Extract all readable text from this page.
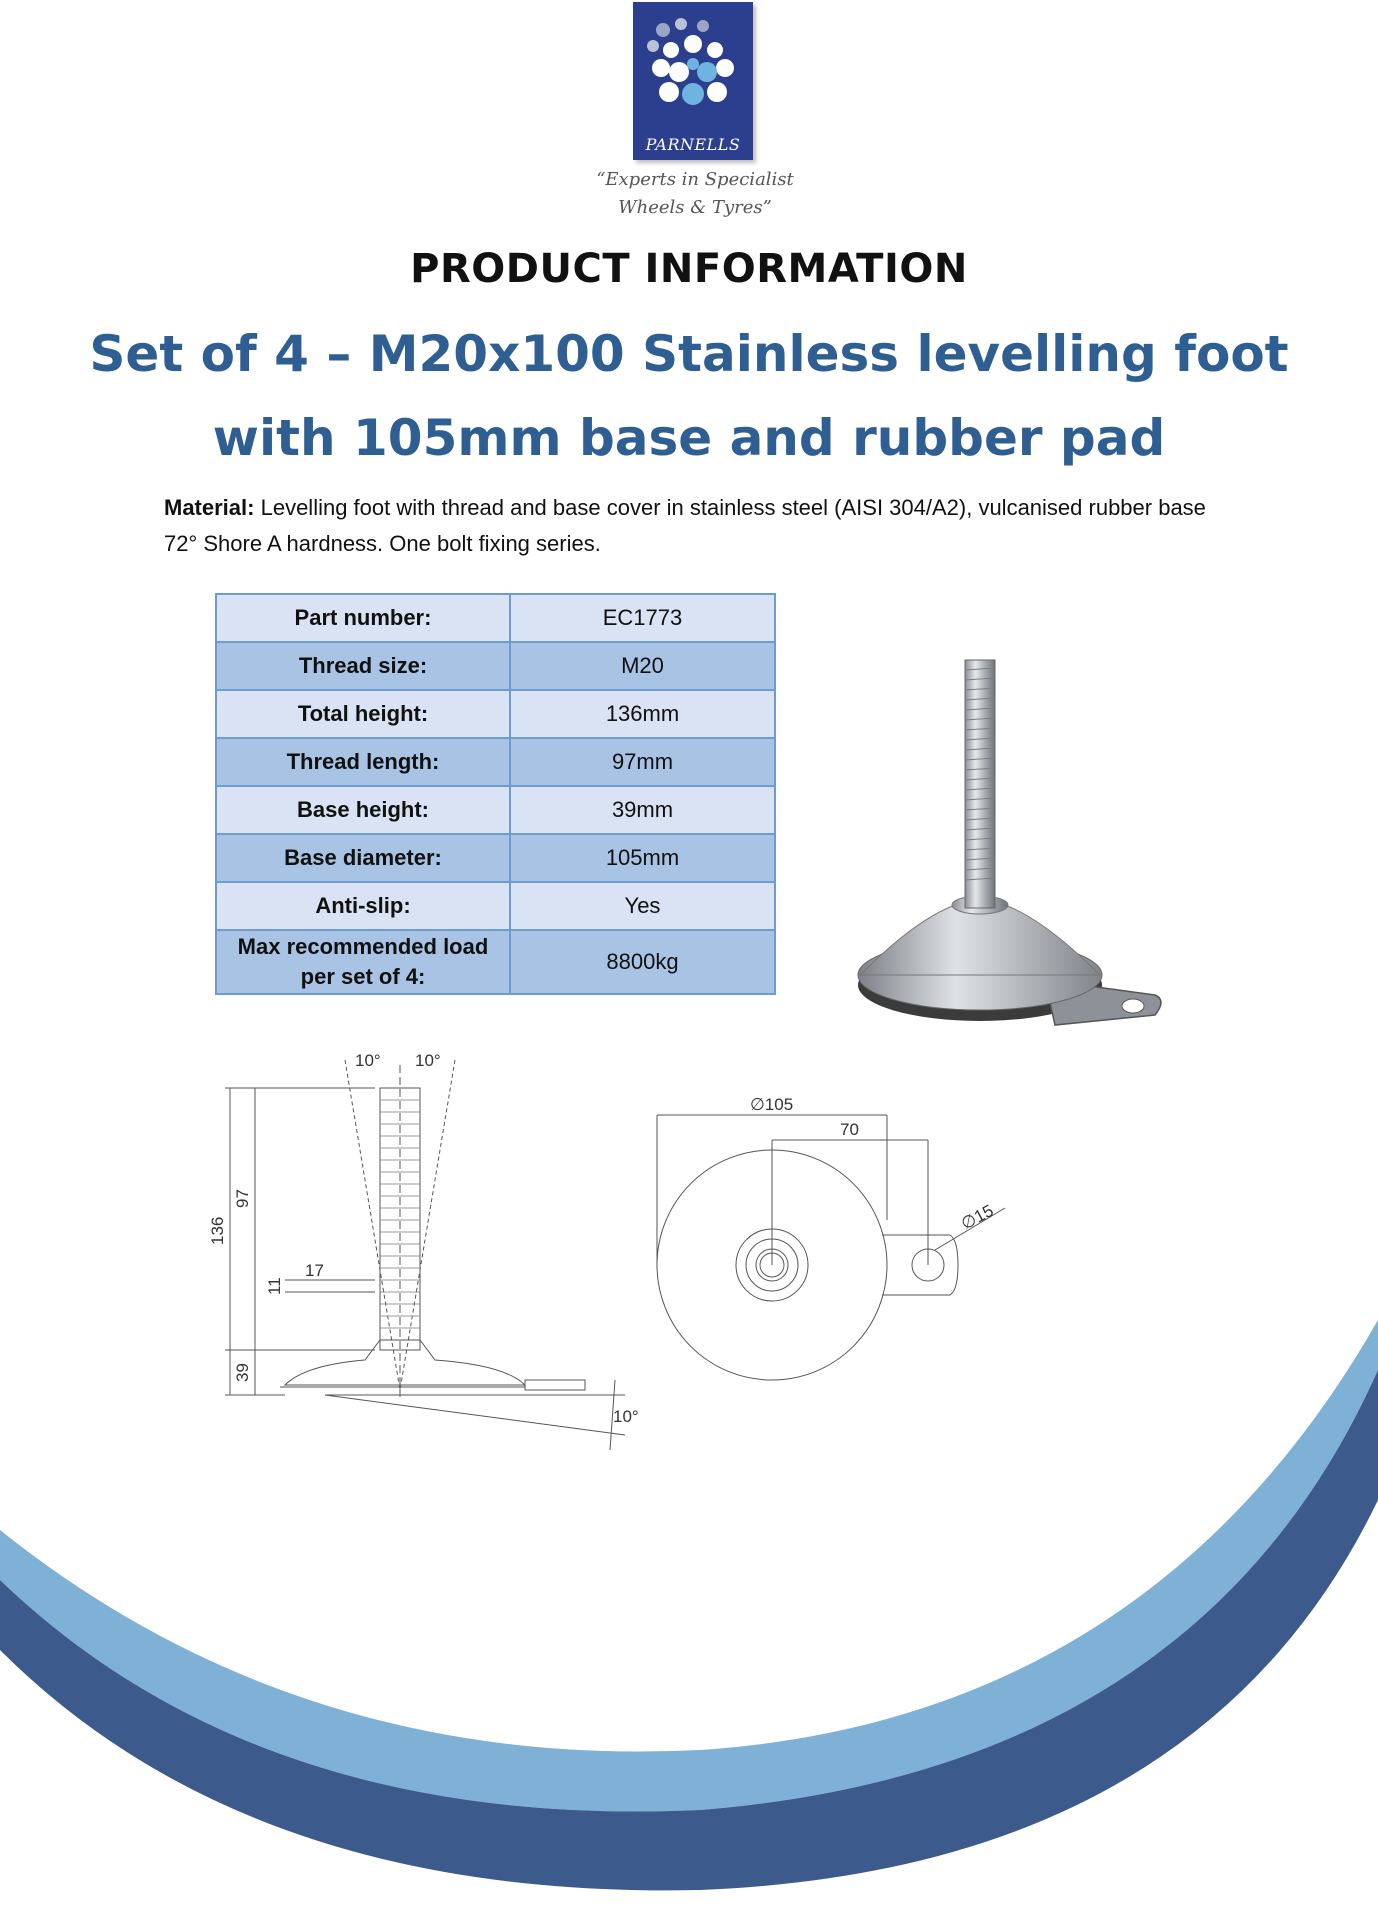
PARNELLS
“Experts in Specialist
Wheels & Tyres”
PRODUCT INFORMATION
Set of 4 – M20x100 Stainless levelling foot with 105mm base and rubber pad
Material: Levelling foot with thread and base cover in stainless steel (AISI 304/A2), vulcanised rubber base 72° Shore A hardness. One bolt fixing series.
Part number:	EC1773
Thread size:	M20
Total height:	136mm
Thread length:	97mm
Base height:	39mm
Base diameter:	105mm
Anti-slip:	Yes
Max recommended load per set of 4:	8800kg
10° 10°
136
97
17
11
39
10°
∅105
70
∅15
